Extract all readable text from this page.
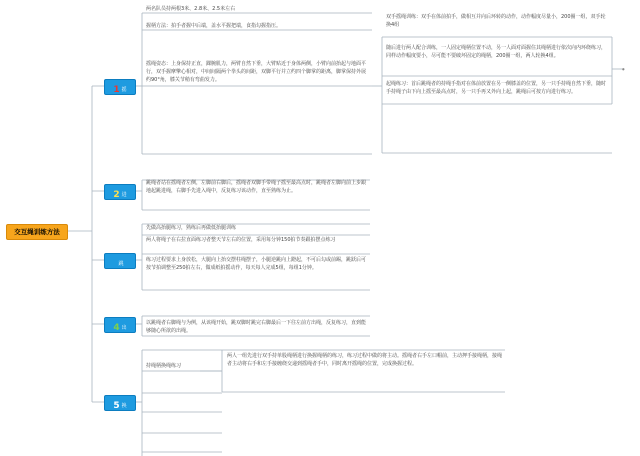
交互绳训练方法
1 摇
2 进
跳
4 出
5 换
两名队员持两根3米、2.8米、2.5米左右
握柄方法：拍手者握中后端，盖水平握把端，食指勾握指压。
摇绳姿态：上身保持正直，踝腕肌力，两臂自然下垂，大臂贴近于身体两侧，小臂向前抬起与地面平行，双手握摩擎心相对，中间间隔两个拳头的间距，双脚平行并立约四个脚掌的距离，脚掌保持外展约90°角，膝关节稍有弯曲发力。
双手摇绳训练：双手在体前拍手，做相互并向后环转的动作，动作幅度尽量小，200圈一组，双手轮换4组
随后进行两人配合训练，一人固定绳柄位置不动，另一人面对面握住其绳柄进行依次向内环绕练习，同样动作幅度要小，尽可能不要破坏固定的绳柄，200圈一组，两人轮换4组。
起绳练习：首后跳绳者的持绳手指对在体前放置在另一侧膝盖的位置，另一只手持绳自然下垂，随时手持绳子由下向上摇至最高点时，另一只手再又外向上起，跳绳后可按方向进行练习。
●
跳绳者站在摇绳者左侧，左脚前右脚后，摇绳者双脚手带绳子摇至最高点时，跳绳者左脚向前上步跟地起跳进绳，右脚手先进入绳中，反复练习该动作，直至熟练为止。
先做高抬腿练习，熟练后再做低抬腿训练
两人将绳子在右拉直面练习者整天节左右的位置，采用每分钟150拍节奏跟拍摆点练习
练习过程要求上身放松，大腿向上抬交摆柱绳摆子，小腿逆跳向上蹬起，不可后勾或前踢，跳跃后可按节拍调整至250拍左右，做成纸拍摇动作，每天每人完成5组，每组1分钟。
以跳绳者右脚绳与为例，从该绳开始，跳双脚时跳完右脚最后一下往左前方出绳，反复练习，直到能够随心所欲的出绳。
持绳柄换绳练习
两人一组先进行双手持单股绳柄进行换握绳柄的练习，练习过程中做的将主动。摇绳者右手左口帽前，主动押手接绳柄，接绳者主动将右手和左手接缠绕交递到摇绳者手中，同时离开摇绳的位置，完成换握过程。
